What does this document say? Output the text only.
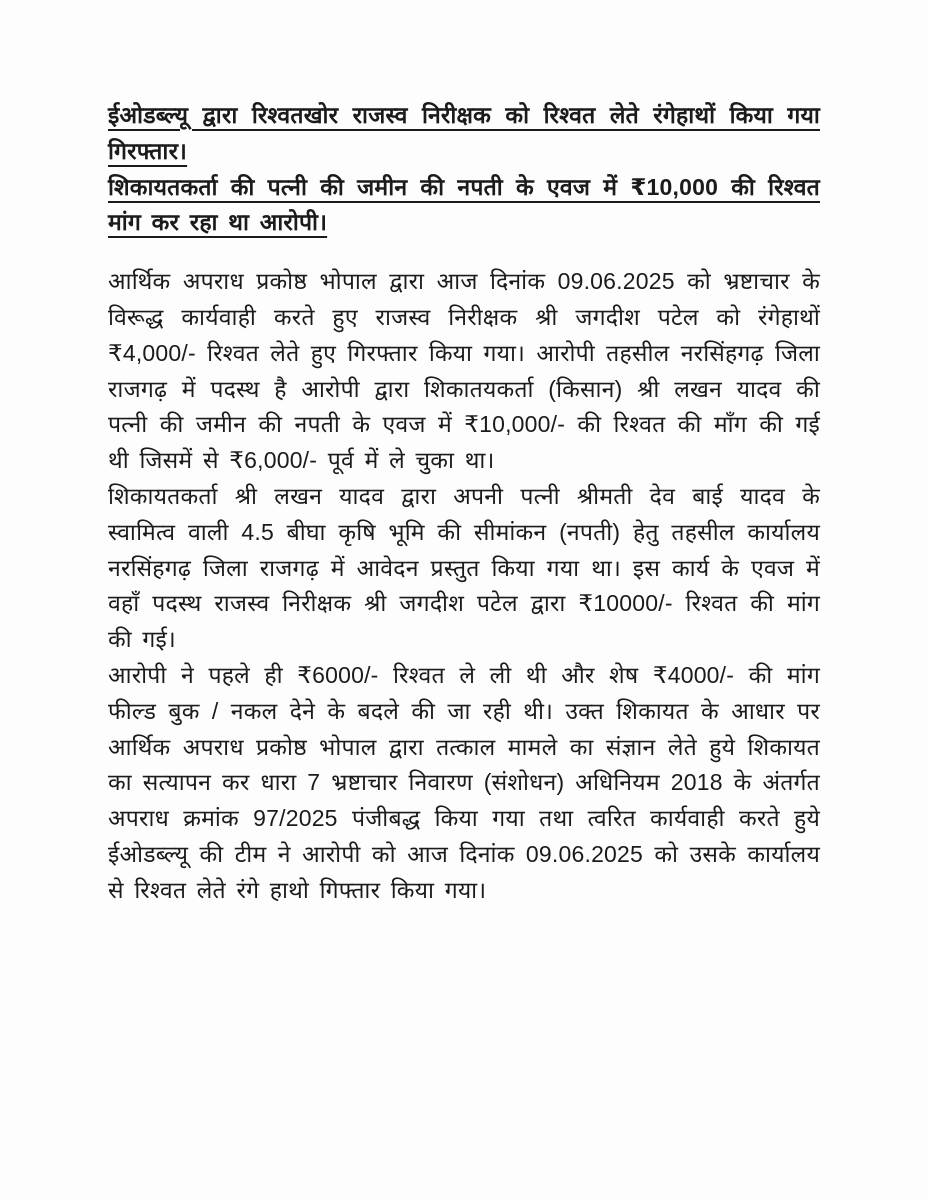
ईओडब्ल्यू द्वारा रिश्वतखोर राजस्व निरीक्षक को रिश्वत लेते रंगेहाथों किया गया गिरफ्तार।

शिकायतकर्ता की पत्नी की जमीन की नपती के एवज में ₹10,000 की रिश्वत मांग कर रहा था आरोपी।

आर्थिक अपराध प्रकोष्ठ भोपाल द्वारा आज दिनांक 09.06.2025 को भ्रष्टाचार के विरूद्ध कार्यवाही करते हुए राजस्व निरीक्षक श्री जगदीश पटेल को रंगेहाथों ₹4,000/- रिश्वत लेते हुए गिरफ्तार किया गया। आरोपी तहसील नरसिंहगढ़ जिला राजगढ़ में पदस्थ है आरोपी द्वारा शिकातयकर्ता (किसान) श्री लखन यादव की पत्नी की जमीन की नपती के एवज में ₹10,000/- की रिश्वत की माँग की गई थी जिसमें से ₹6,000/- पूर्व में ले चुका था।

शिकायतकर्ता श्री लखन यादव द्वारा अपनी पत्नी श्रीमती देव बाई यादव के स्वामित्व वाली 4.5 बीघा कृषि भूमि की सीमांकन (नपती) हेतु तहसील कार्यालय नरसिंहगढ़ जिला राजगढ़ में आवेदन प्रस्तुत किया गया था। इस कार्य के एवज में वहाँ पदस्थ राजस्व निरीक्षक श्री जगदीश पटेल द्वारा ₹10000/- रिश्वत की मांग की गई।

आरोपी ने पहले ही ₹6000/- रिश्वत ले ली थी और शेष ₹4000/- की मांग फील्ड बुक / नकल देने के बदले की जा रही थी। उक्त शिकायत के आधार पर आर्थिक अपराध प्रकोष्ठ भोपाल द्वारा तत्काल मामले का संज्ञान लेते हुये शिकायत का सत्यापन कर धारा 7 भ्रष्टाचार निवारण (संशोधन) अधिनियम 2018 के अंतर्गत अपराध क्रमांक 97/2025 पंजीबद्ध किया गया तथा त्वरित कार्यवाही करते हुये ईओडब्ल्यू की टीम ने आरोपी को आज दिनांक 09.06.2025 को उसके कार्यालय से रिश्वत लेते रंगे हाथो गिफ्तार किया गया।
